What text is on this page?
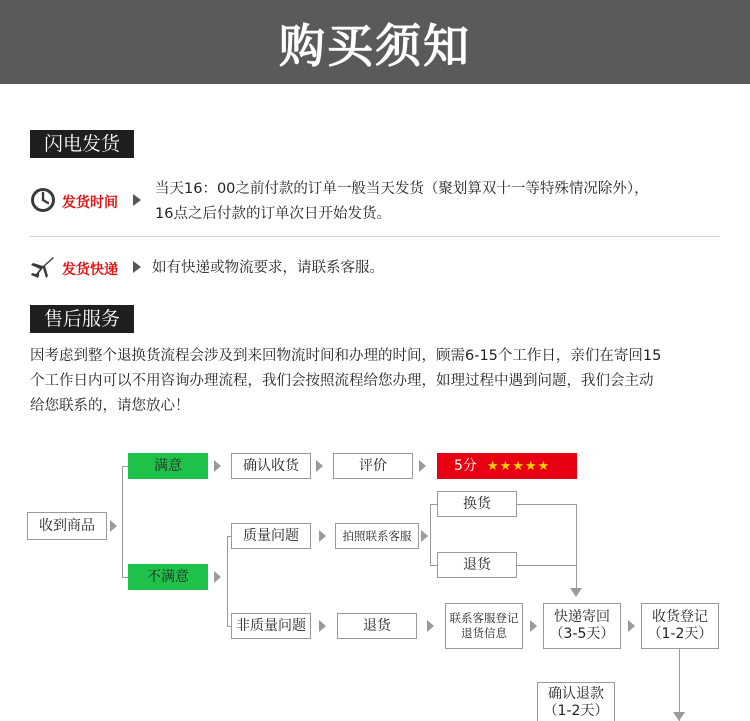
购买须知
闪电发货
发货时间
当天16：00之前付款的订单一般当天发货（聚划算双十一等特殊情况除外），
16点之后付款的订单次日开始发货。
发货快递 如有快递或物流要求，请联系客服。
售后服务
因考虑到整个退换货流程会涉及到来回物流时间和办理的时间，顾需6-15个工作日，亲们在寄回15
个工作日内可以不用咨询办理流程，我们会按照流程给您办理，如理过程中遇到问题，我们会主动
给您联系的，请您放心！
收到商品
满意	确认收货	评价	5分 ★★★★★
不满意
质量问题	拍照联系客服
换货
退货
非质量问题	退货	联系客服登记
退货信息
快递寄回
（3-5天）
收货登记
（1-2天）
确认退款
（1-2天）
